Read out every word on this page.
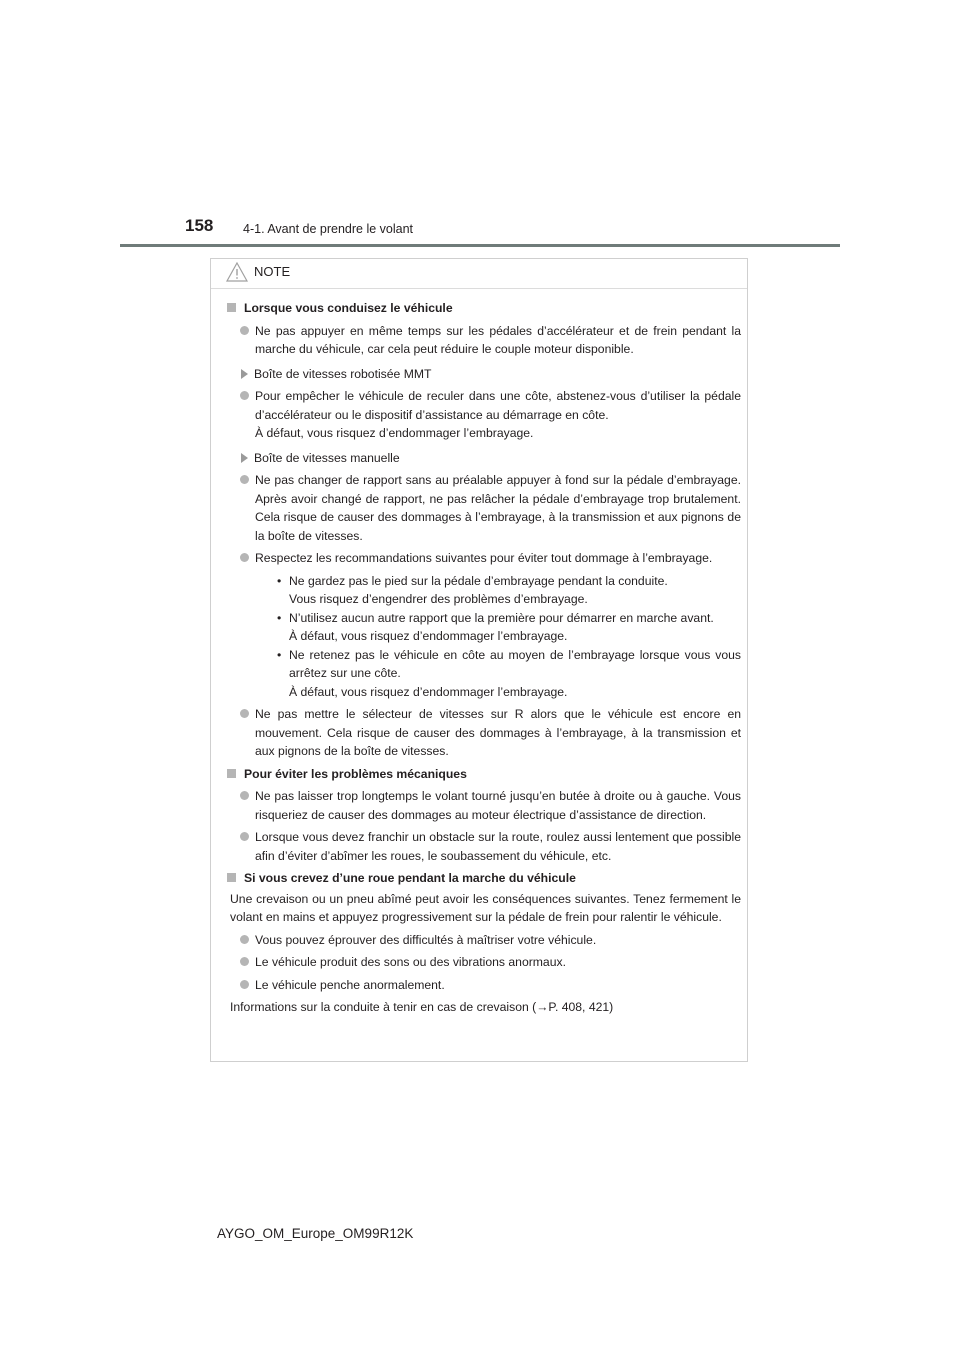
158 4-1. Avant de prendre le volant
NOTE
Lorsque vous conduisez le véhicule
Ne pas appuyer en même temps sur les pédales d’accélérateur et de frein pendant la marche du véhicule, car cela peut réduire le couple moteur disponible.
Boîte de vitesses robotisée MMT
Pour empêcher le véhicule de reculer dans une côte, abstenez-vous d’utiliser la pédale d’accélérateur ou le dispositif d’assistance au démarrage en côte.
À défaut, vous risquez d’endommager l’embrayage.
Boîte de vitesses manuelle
Ne pas changer de rapport sans au préalable appuyer à fond sur la pédale d’embrayage. Après avoir changé de rapport, ne pas relâcher la pédale d’embrayage trop brutalement. Cela risque de causer des dommages à l’embrayage, à la transmission et aux pignons de la boîte de vitesses.
Respectez les recommandations suivantes pour éviter tout dommage à l’embrayage.
• Ne gardez pas le pied sur la pédale d’embrayage pendant la conduite.
Vous risquez d’engendrer des problèmes d’embrayage.
• N’utilisez aucun autre rapport que la première pour démarrer en marche avant.
À défaut, vous risquez d’endommager l’embrayage.
• Ne retenez pas le véhicule en côte au moyen de l’embrayage lorsque vous vous arrêtez sur une côte.
À défaut, vous risquez d’endommager l’embrayage.
Ne pas mettre le sélecteur de vitesses sur R alors que le véhicule est encore en mouvement. Cela risque de causer des dommages à l’embrayage, à la transmission et aux pignons de la boîte de vitesses.
Pour éviter les problèmes mécaniques
Ne pas laisser trop longtemps le volant tourné jusqu’en butée à droite ou à gauche. Vous risqueriez de causer des dommages au moteur électrique d’assistance de direction.
Lorsque vous devez franchir un obstacle sur la route, roulez aussi lentement que possible afin d’éviter d’abîmer les roues, le soubassement du véhicule, etc.
Si vous crevez d’une roue pendant la marche du véhicule
Une crevaison ou un pneu abîmé peut avoir les conséquences suivantes. Tenez fermement le volant en mains et appuyez progressivement sur la pédale de frein pour ralentir le véhicule.
Vous pouvez éprouver des difficultés à maîtriser votre véhicule.
Le véhicule produit des sons ou des vibrations anormaux.
Le véhicule penche anormalement.
Informations sur la conduite à tenir en cas de crevaison (→P. 408, 421)
AYGO_OM_Europe_OM99R12K
